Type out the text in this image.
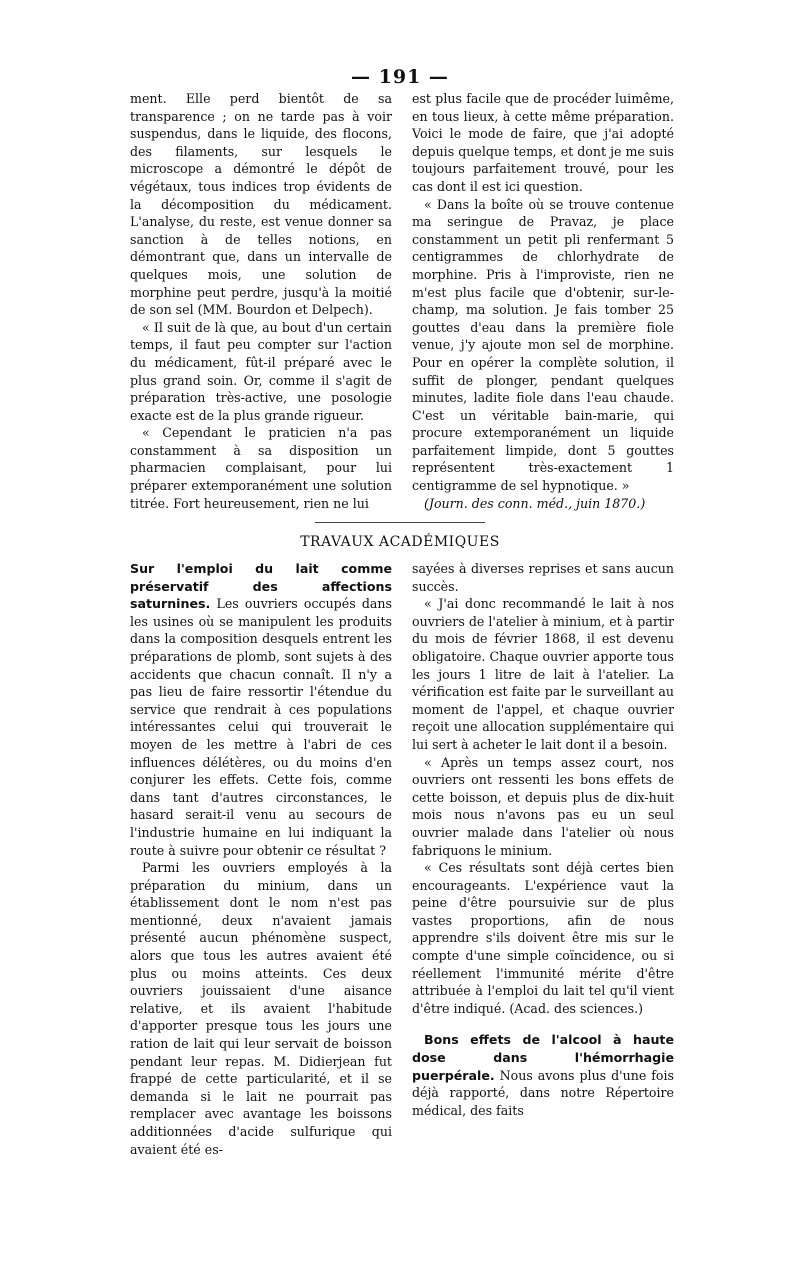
— 191 —

ment. Elle perd bientôt de sa transparence ; on ne tarde pas à voir suspendus, dans le liquide, des flocons, des filaments, sur lesquels le microscope a démontré le dépôt de végétaux, tous indices trop évidents de la décomposition du médicament. L'analyse, du reste, est venue donner sa sanction à de telles notions, en démontrant que, dans un intervalle de quelques mois, une solution de morphine peut perdre, jusqu'à la moitié de son sel (MM. Bourdon et Delpech).

« Il suit de là que, au bout d'un certain temps, il faut peu compter sur l'action du médicament, fût-il préparé avec le plus grand soin. Or, comme il s'agit de préparation très-active, une posologie exacte est de la plus grande rigueur.

« Cependant le praticien n'a pas constamment à sa disposition un pharmacien complaisant, pour lui préparer extemporanément une solution titrée. Fort heureusement, rien ne lui

est plus facile que de procéder luimême, en tous lieux, à cette même préparation. Voici le mode de faire, que j'ai adopté depuis quelque temps, et dont je me suis toujours parfaitement trouvé, pour les cas dont il est ici question.

« Dans la boîte où se trouve contenue ma seringue de Pravaz, je place constamment un petit pli renfermant 5 centigrammes de chlorhydrate de morphine. Pris à l'improviste, rien ne m'est plus facile que d'obtenir, sur-le-champ, ma solution. Je fais tomber 25 gouttes d'eau dans la première fiole venue, j'y ajoute mon sel de morphine. Pour en opérer la complète solution, il suffit de plonger, pendant quelques minutes, ladite fiole dans l'eau chaude. C'est un véritable bain-marie, qui procure extemporanément un liquide parfaitement limpide, dont 5 gouttes représentent très-exactement 1 centigramme de sel hypnotique. »

(Journ. des conn. méd., juin 1870.)

TRAVAUX ACADÉMIQUES

Sur l'emploi du lait comme préservatif des affections saturnines. Les ouvriers occupés dans les usines où se manipulent les produits dans la composition desquels entrent les préparations de plomb, sont sujets à des accidents que chacun connaît. Il n'y a pas lieu de faire ressortir l'étendue du service que rendrait à ces populations intéressantes celui qui trouverait le moyen de les mettre à l'abri de ces influences délétères, ou du moins d'en conjurer les effets. Cette fois, comme dans tant d'autres circonstances, le hasard serait-il venu au secours de l'industrie humaine en lui indiquant la route à suivre pour obtenir ce résultat ?

Parmi les ouvriers employés à la préparation du minium, dans un établissement dont le nom n'est pas mentionné, deux n'avaient jamais présenté aucun phénomène suspect, alors que tous les autres avaient été plus ou moins atteints. Ces deux ouvriers jouissaient d'une aisance relative, et ils avaient l'habitude d'apporter presque tous les jours une ration de lait qui leur servait de boisson pendant leur repas. M. Didierjean fut frappé de cette particularité, et il se demanda si le lait ne pourrait pas remplacer avec avantage les boissons additionnées d'acide sulfurique qui avaient été es-

sayées à diverses reprises et sans aucun succès.

« J'ai donc recommandé le lait à nos ouvriers de l'atelier à minium, et à partir du mois de février 1868, il est devenu obligatoire. Chaque ouvrier apporte tous les jours 1 litre de lait à l'atelier. La vérification est faite par le surveillant au moment de l'appel, et chaque ouvrier reçoit une allocation supplémentaire qui lui sert à acheter le lait dont il a besoin.

« Après un temps assez court, nos ouvriers ont ressenti les bons effets de cette boisson, et depuis plus de dix-huit mois nous n'avons pas eu un seul ouvrier malade dans l'atelier où nous fabriquons le minium.

« Ces résultats sont déjà certes bien encourageants. L'expérience vaut la peine d'être poursuivie sur de plus vastes proportions, afin de nous apprendre s'ils doivent être mis sur le compte d'une simple coïncidence, ou si réellement l'immunité mérite d'être attribuée à l'emploi du lait tel qu'il vient d'être indiqué. (Acad. des sciences.)

Bons effets de l'alcool à haute dose dans l'hémorrhagie puerpérale. Nous avons plus d'une fois déjà rapporté, dans notre Répertoire médical, des faits
